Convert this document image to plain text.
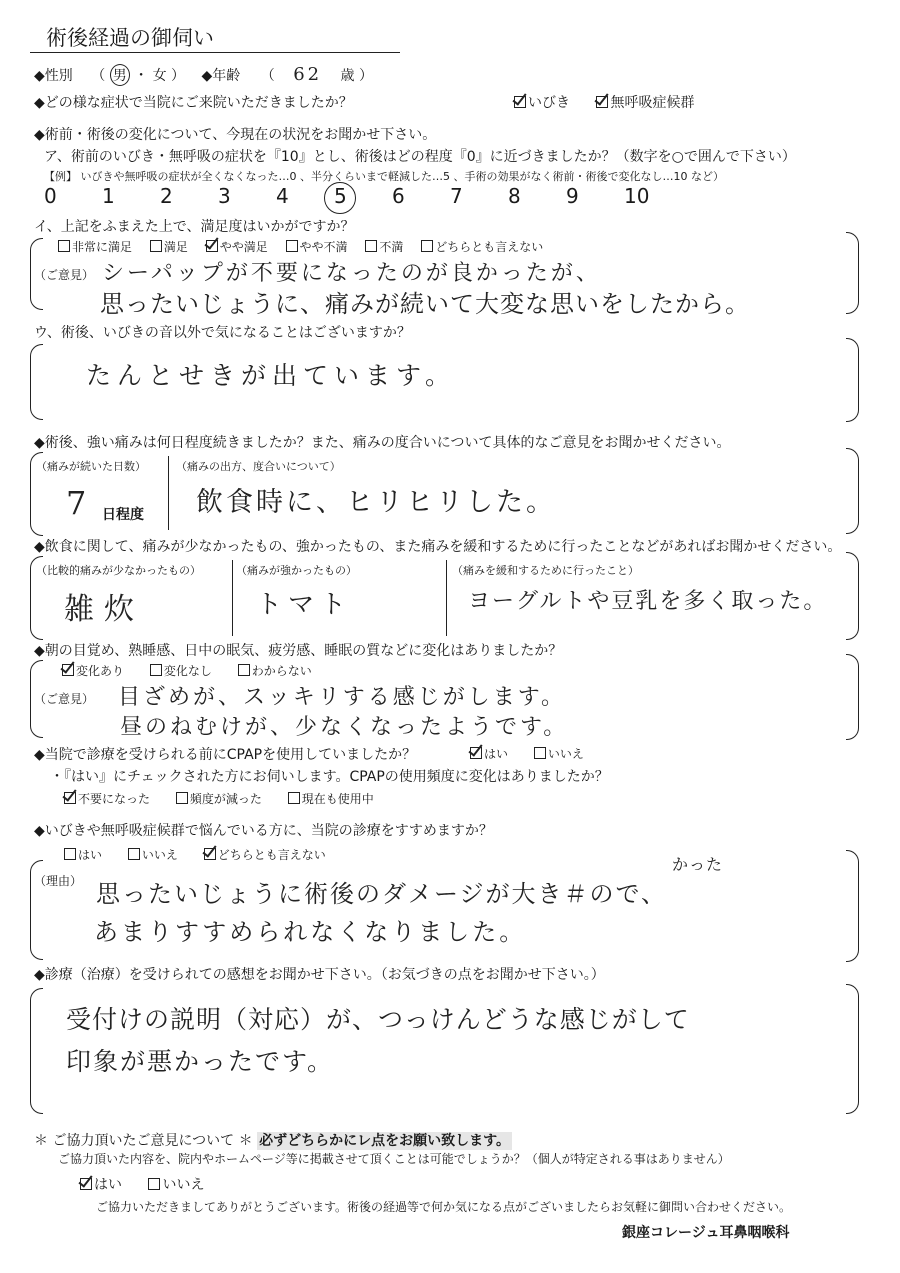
術後経過の御伺い
◆性別 （ 男 ・ 女 ） ◆年齢 （ 62 歳 ）
◆どの様な症状で当院にご来院いただきましたか？	いびき	無呼吸症候群
◆術前・術後の変化について、今現在の状況をお聞かせ下さい。
ア、術前のいびき・無呼吸の症状を『10』とし、術後はどの程度『0』に近づきましたか？（数字を○で囲んで下さい）
【例】 いびきや無呼吸の症状が全くなくなった…0 、半分くらいまで軽減した…5 、手術の効果がなく術前・術後で変化なし…10 など）
0 1 2 3 4 5 6 7 8 9 10
イ、上記をふまえた上で、満足度はいかがですか？
非常に満足	満足	やや満足	やや不満	不満	どちらとも言えない
（ご意見） シーパップが不要になったのが良かったが、
思ったいじょうに、痛みが続いて大変な思いをしたから。
ウ、術後、いびきの音以外で気になることはございますか？
たんとせきが出ています。
◆術後、強い痛みは何日程度続きましたか？また、痛みの度合いについて具体的なご意見をお聞かせください。
（痛みが続いた日数）	（痛みの出方、度合いについて）
7 日程度 飲食時に、ヒリヒリした。
◆飲食に関して、痛みが少なかったもの、強かったもの、また痛みを緩和するために行ったことなどがあればお聞かせください。
（比較的痛みが少なかったもの）	（痛みが強かったもの）	（痛みを緩和するために行ったこと）
雑炊	トマト	ヨーグルトや豆乳を多く取った。
◆朝の目覚め、熟睡感、日中の眠気、疲労感、睡眠の質などに変化はありましたか？
変化あり	変化なし	わからない
（ご意見） 目ざめが、スッキリする感じがします。
昼のねむけが、少なくなったようです。
◆当院で診療を受けられる前にCPAPを使用していましたか？	はい	いいえ
・『はい』にチェックされた方にお伺いします。CPAPの使用頻度に変化はありましたか？
不要になった	頻度が減った	現在も使用中
◆いびきや無呼吸症候群で悩んでいる方に、当院の診療をすすめますか？
はい	いいえ	どちらとも言えない
（理由）
かった
思ったいじょうに術後のダメージが大き＃ので、
あまりすすめられなくなりました。
◆診療（治療）を受けられての感想をお聞かせ下さい。（お気づきの点をお聞かせ下さい。）
受付けの説明（対応）が、つっけんどうな感じがして
印象が悪かったです。
＊ ご協力頂いたご意見について ＊ 必ずどちらかにレ点をお願い致します。
ご協力頂いた内容を、院内やホームページ等に掲載させて頂くことは可能でしょうか？（個人が特定される事はありません）
はい	いいえ
ご協力いただきましてありがとうございます。術後の経過等で何か気になる点がございましたらお気軽に御問い合わせください。
銀座コレージュ耳鼻咽喉科
